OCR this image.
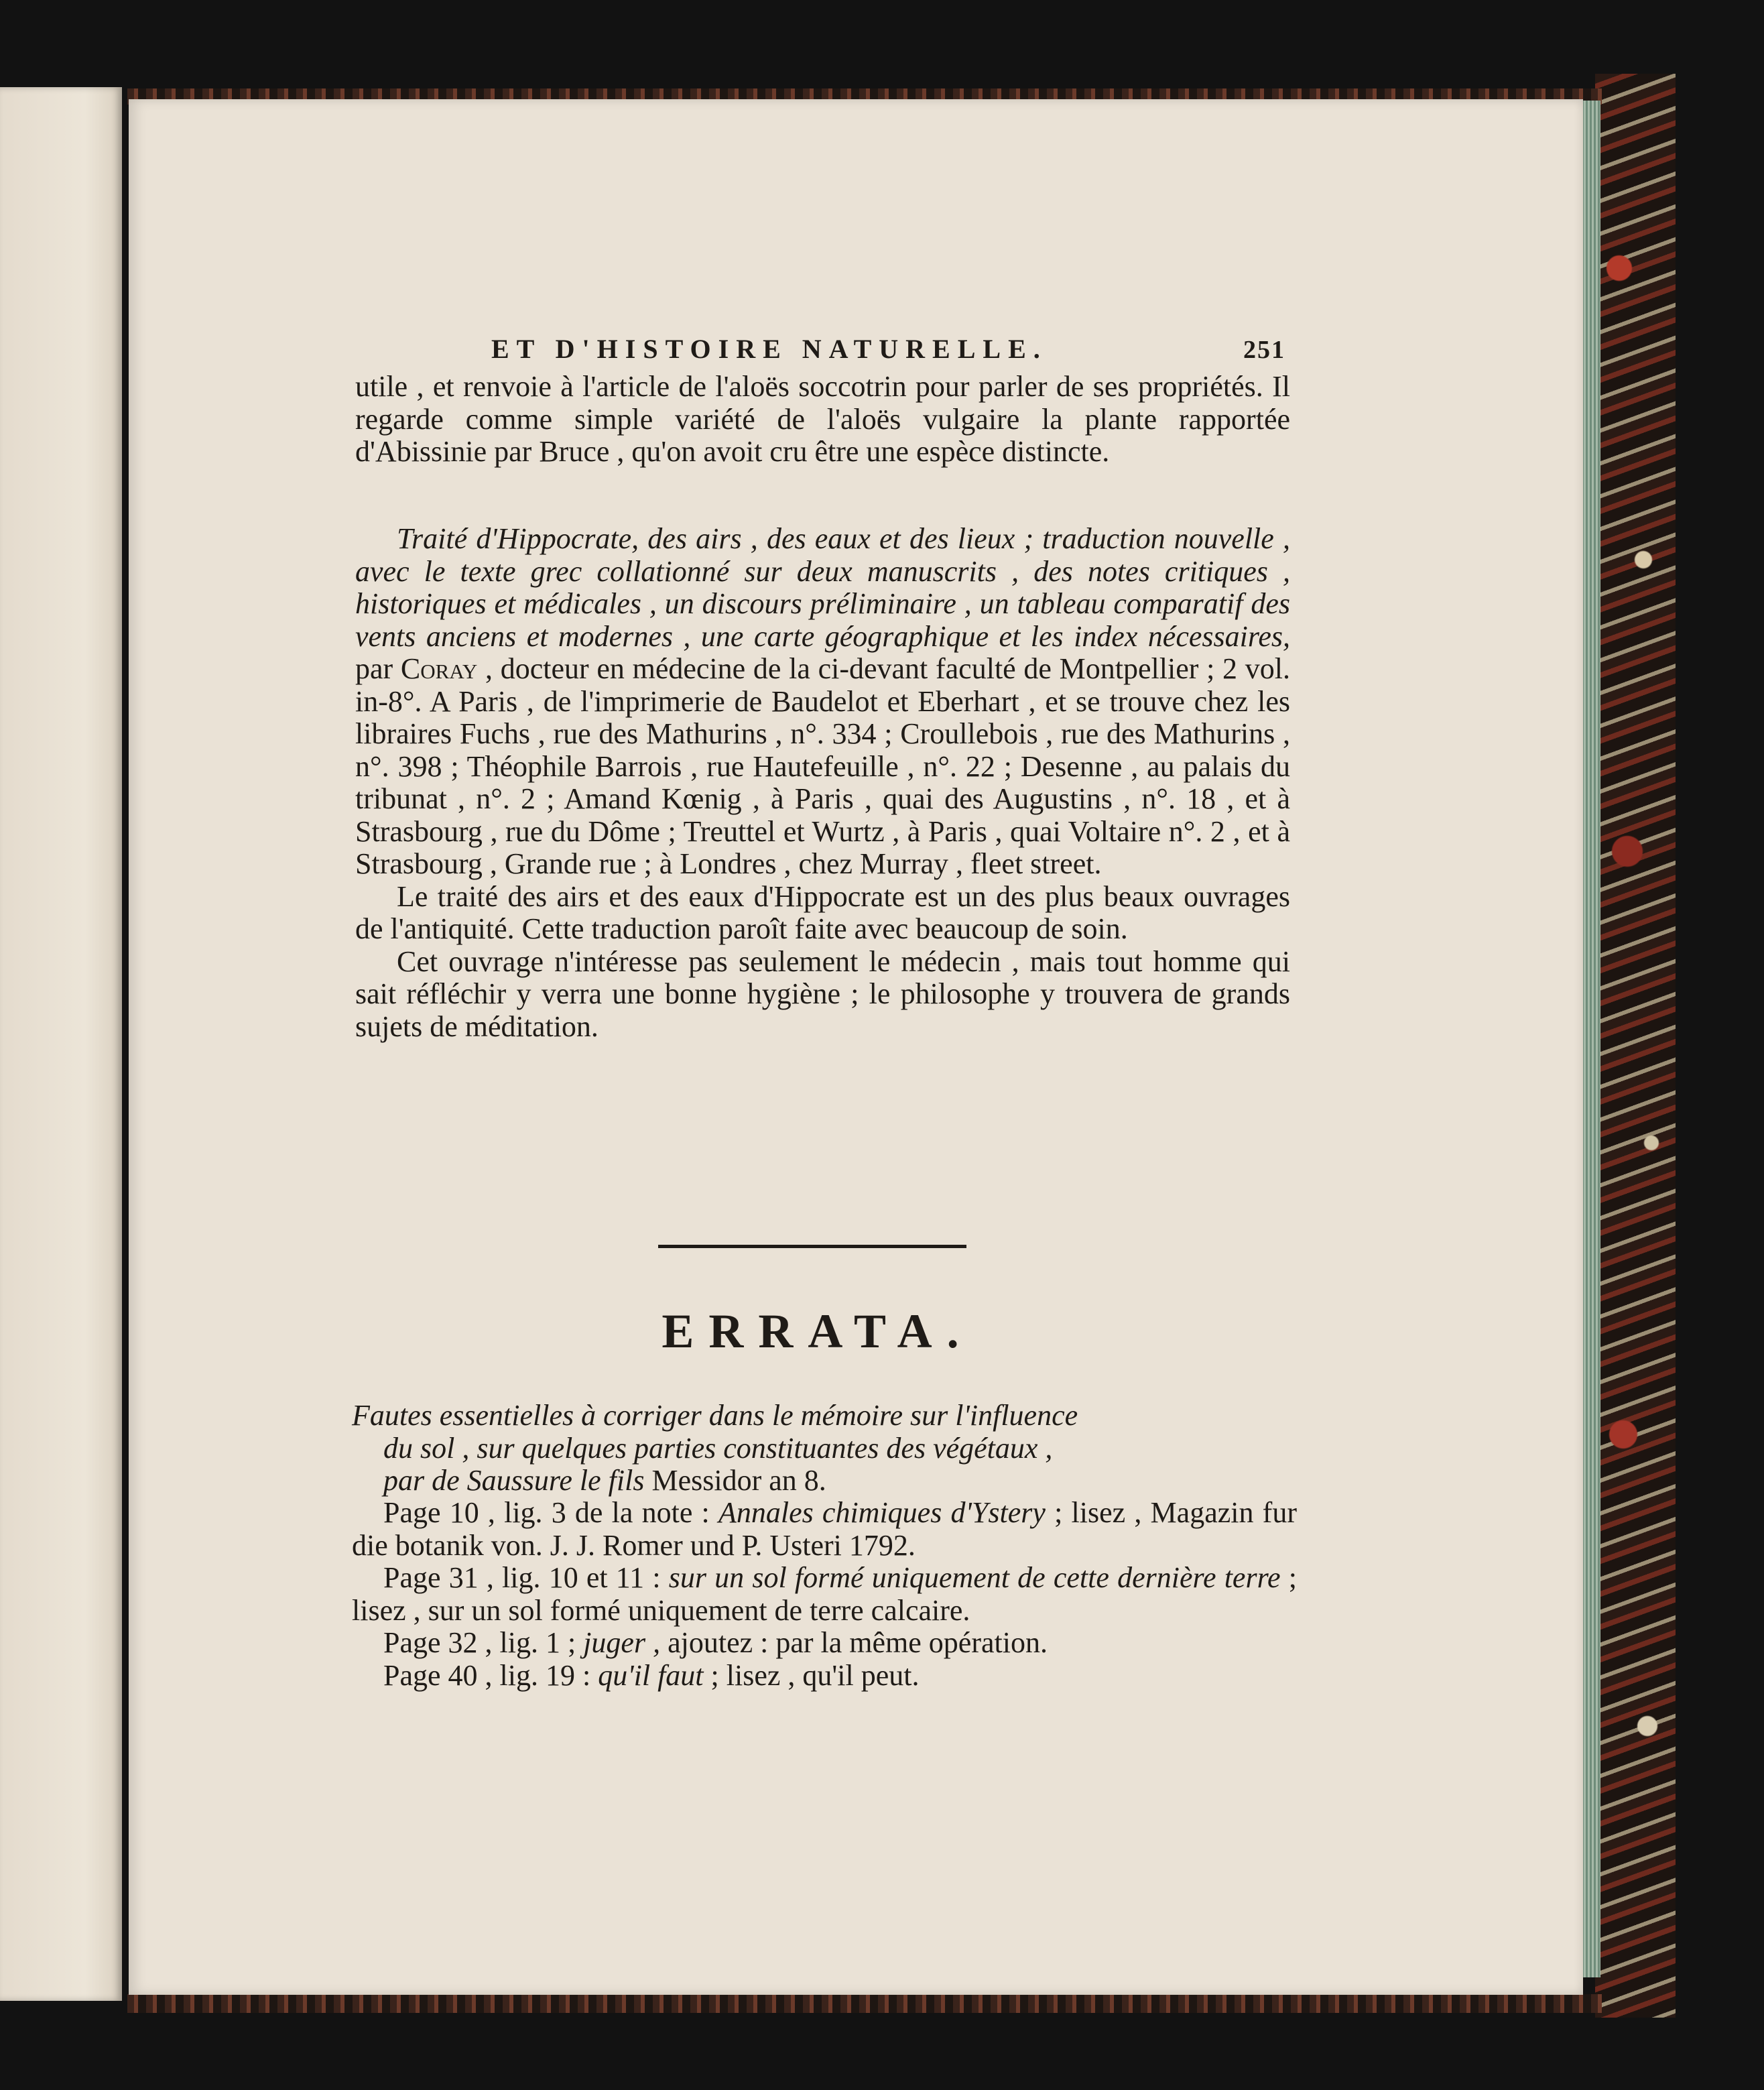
ET D'HISTOIRE NATURELLE.	251

utile , et renvoie à l'article de l'aloës soccotrin pour parler de ses propriétés. Il regarde comme simple variété de l'aloës vulgaire la plante rapportée d'Abissinie par Bruce , qu'on avoit cru être une espèce distincte.

Traité d'Hippocrate, des airs , des eaux et des lieux ; traduction nouvelle , avec le texte grec collationné sur deux manuscrits , des notes critiques , historiques et médicales , un discours préliminaire , un tableau comparatif des vents anciens et modernes , une carte géographique et les index nécessaires, par Coray , docteur en médecine de la ci-devant faculté de Montpellier ; 2 vol. in-8°. A Paris , de l'imprimerie de Baudelot et Eberhart , et se trouve chez les libraires Fuchs , rue des Mathurins , n°. 334 ; Croullebois , rue des Mathurins , n°. 398 ; Théophile Barrois , rue Hautefeuille , n°. 22 ; Desenne , au palais du tribunat , n°. 2 ; Amand Kœnig , à Paris , quai des Augustins , n°. 18 , et à Strasbourg , rue du Dôme ; Treuttel et Wurtz , à Paris , quai Voltaire n°. 2 , et à Strasbourg , Grande rue ; à Londres , chez Murray , fleet street.

Le traité des airs et des eaux d'Hippocrate est un des plus beaux ouvrages de l'antiquité. Cette traduction paroît faite avec beaucoup de soin.

Cet ouvrage n'intéresse pas seulement le médecin , mais tout homme qui sait réfléchir y verra une bonne hygiène ; le philosophe y trouvera de grands sujets de méditation.

ERRATA.

Fautes essentielles à corriger dans le mémoire sur l'influence

du sol , sur quelques parties constituantes des végétaux ,

par de Saussure le fils Messidor an 8.

Page 10 , lig. 3 de la note : Annales chimiques d'Ystery ; lisez , Magazin fur die botanik von. J. J. Romer und P. Usteri 1792.

Page 31 , lig. 10 et 11 : sur un sol formé uniquement de cette dernière terre ; lisez , sur un sol formé uniquement de terre calcaire.

Page 32 , lig. 1 ; juger , ajoutez : par la même opération.

Page 40 , lig. 19 : qu'il faut ; lisez , qu'il peut.
